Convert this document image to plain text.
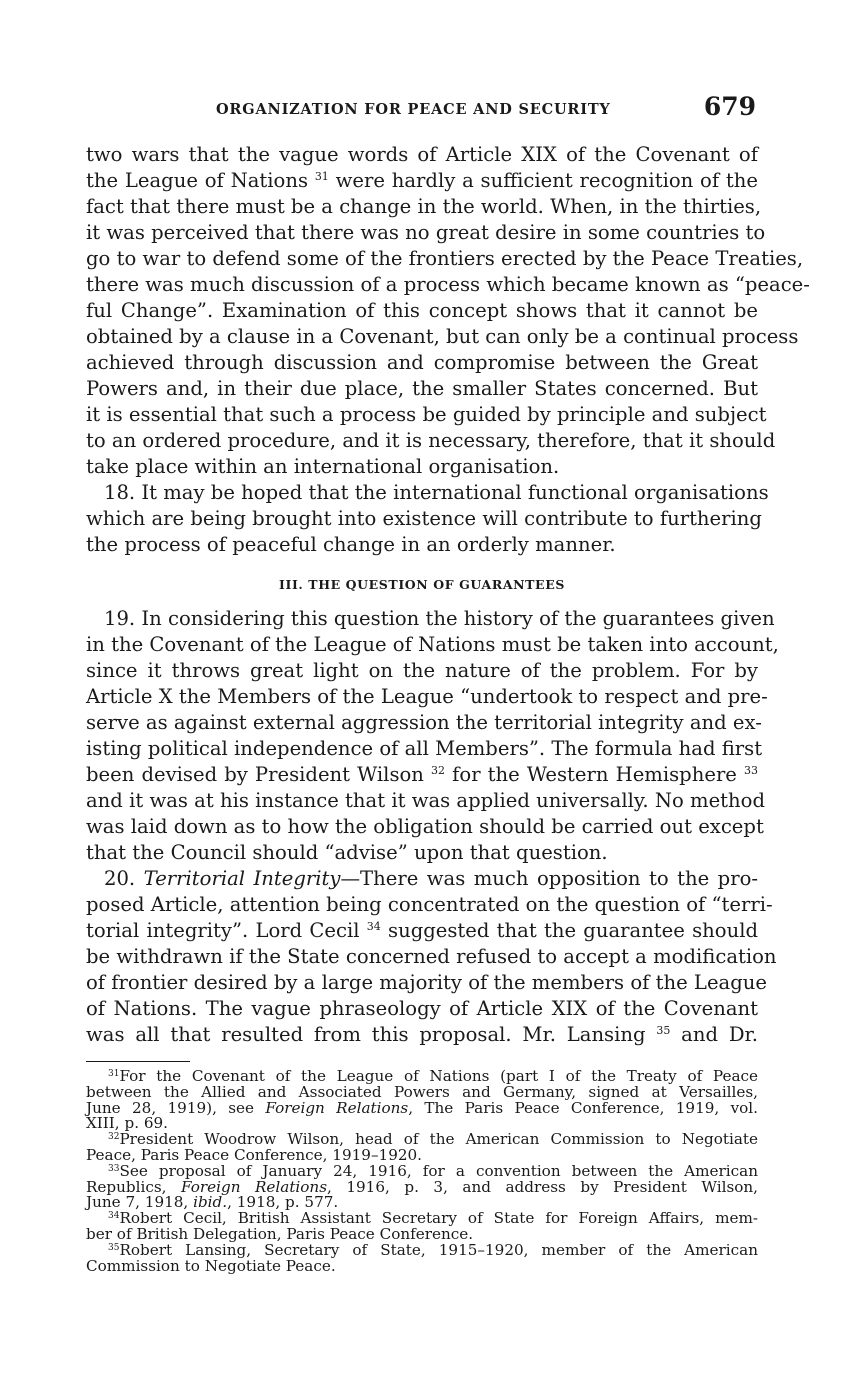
ORGANIZATION FOR PEACE AND SECURITY	679

two wars that the vague words of Article XIX of the Covenant of
the League of Nations $^{31}$ were hardly a sufficient recognition of the
fact that there must be a change in the world. When, in the thirties,
it was perceived that there was no great desire in some countries to
go to war to defend some of the frontiers erected by the Peace Treaties,
there was much discussion of a process which became known as “peace-
ful Change”. Examination of this concept shows that it cannot be
obtained by a clause in a Covenant, but can only be a continual process
achieved through discussion and compromise between the Great
Powers and, in their due place, the smaller States concerned. But
it is essential that such a process be guided by principle and subject
to an ordered procedure, and it is necessary, therefore, that it should
take place within an international organisation.

18. It may be hoped that the international functional organisations
which are being brought into existence will contribute to furthering
the process of peaceful change in an orderly manner.

III. THE QUESTION OF GUARANTEES

19. In considering this question the history of the guarantees given
in the Covenant of the League of Nations must be taken into account,
since it throws great light on the nature of the problem. For by
Article X the Members of the League “undertook to respect and pre-
serve as against external aggression the territorial integrity and ex-
isting political independence of all Members”. The formula had first
been devised by President Wilson $^{32}$ for the Western Hemisphere $^{33}$
and it was at his instance that it was applied universally. No method
was laid down as to how the obligation should be carried out except
that the Council should “advise” upon that question.

20. Territorial Integrity—There was much opposition to the pro-
posed Article, attention being concentrated on the question of “terri-
torial integrity”. Lord Cecil $^{34}$ suggested that the guarantee should
be withdrawn if the State concerned refused to accept a modification
of frontier desired by a large majority of the members of the League
of Nations. The vague phraseology of Article XIX of the Covenant
was all that resulted from this proposal. Mr. Lansing $^{35}$ and Dr.

$^{31}$For the Covenant of the League of Nations (part I of the Treaty of Peace
between the Allied and Associated Powers and Germany, signed at Versailles,
June 28, 1919), see Foreign Relations, The Paris Peace Conference, 1919, vol.
XIII, p. 69.
$^{32}$President Woodrow Wilson, head of the American Commission to Negotiate
Peace, Paris Peace Conference, 1919–1920.
$^{33}$See proposal of January 24, 1916, for a convention between the American
Republics, Foreign Relations, 1916, p. 3, and address by President Wilson,
June 7, 1918, ibid., 1918, p. 577.
$^{34}$Robert Cecil, British Assistant Secretary of State for Foreign Affairs, mem-
ber of British Delegation, Paris Peace Conference.
$^{35}$Robert Lansing, Secretary of State, 1915–1920, member of the American
Commission to Negotiate Peace.
